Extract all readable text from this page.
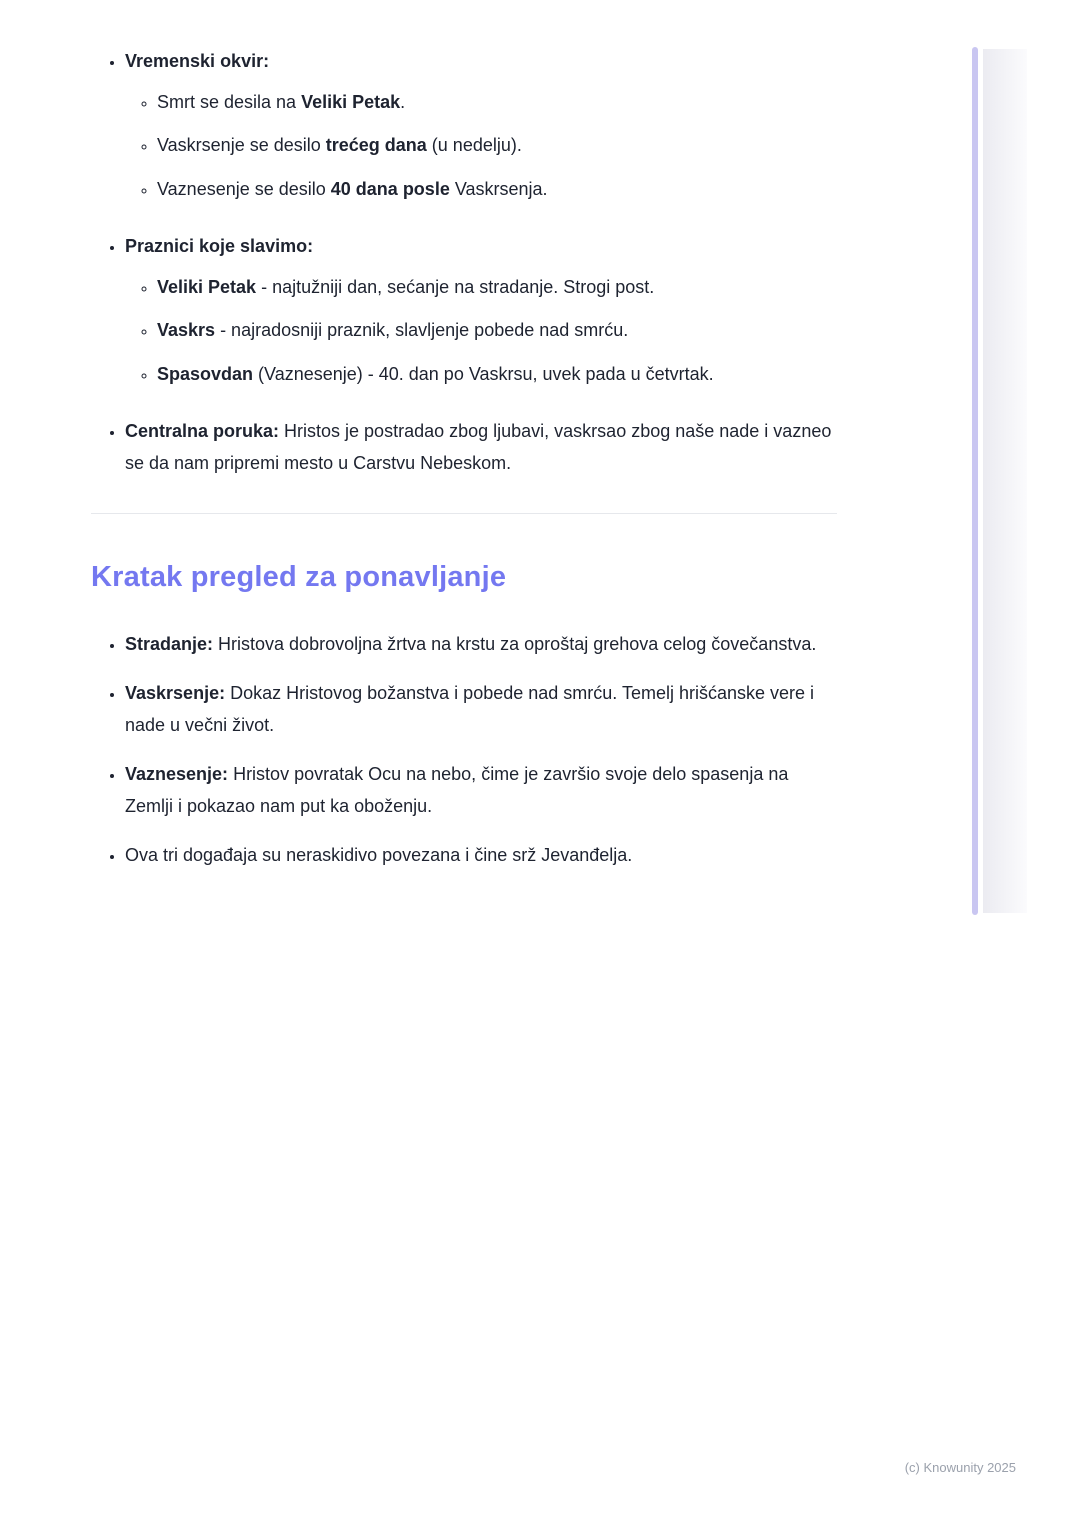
• Vremenski okvir:
◦ Smrt se desila na Veliki Petak.
◦ Vaskrsenje se desilo trećeg dana (u nedelju).
◦ Vaznesenje se desilo 40 dana posle Vaskrsenja.
• Praznici koje slavimo:
◦ Veliki Petak - najtužniji dan, sećanje na stradanje. Strogi post.
◦ Vaskrs - najradosniji praznik, slavljenje pobede nad smrću.
◦ Spasovdan (Vaznesenje) - 40. dan po Vaskrsu, uvek pada u četvrtak.
• Centralna poruka: Hristos je postradao zbog ljubavi, vaskrsao zbog naše nade i vazneo se da nam pripremi mesto u Carstvu Nebeskom.
Kratak pregled za ponavljanje
• Stradanje: Hristova dobrovoljna žrtva na krstu za oproštaj grehova celog čovečanstva.
• Vaskrsenje: Dokaz Hristovog božanstva i pobede nad smrću. Temelj hrišćanske vere i nade u večni život.
• Vaznesenje: Hristov povratak Ocu na nebo, čime je završio svoje delo spasenja na Zemlji i pokazao nam put ka oboženju.
• Ova tri događaja su neraskidivo povezana i čine srž Jevanđelja.
(c) Knowunity 2025
